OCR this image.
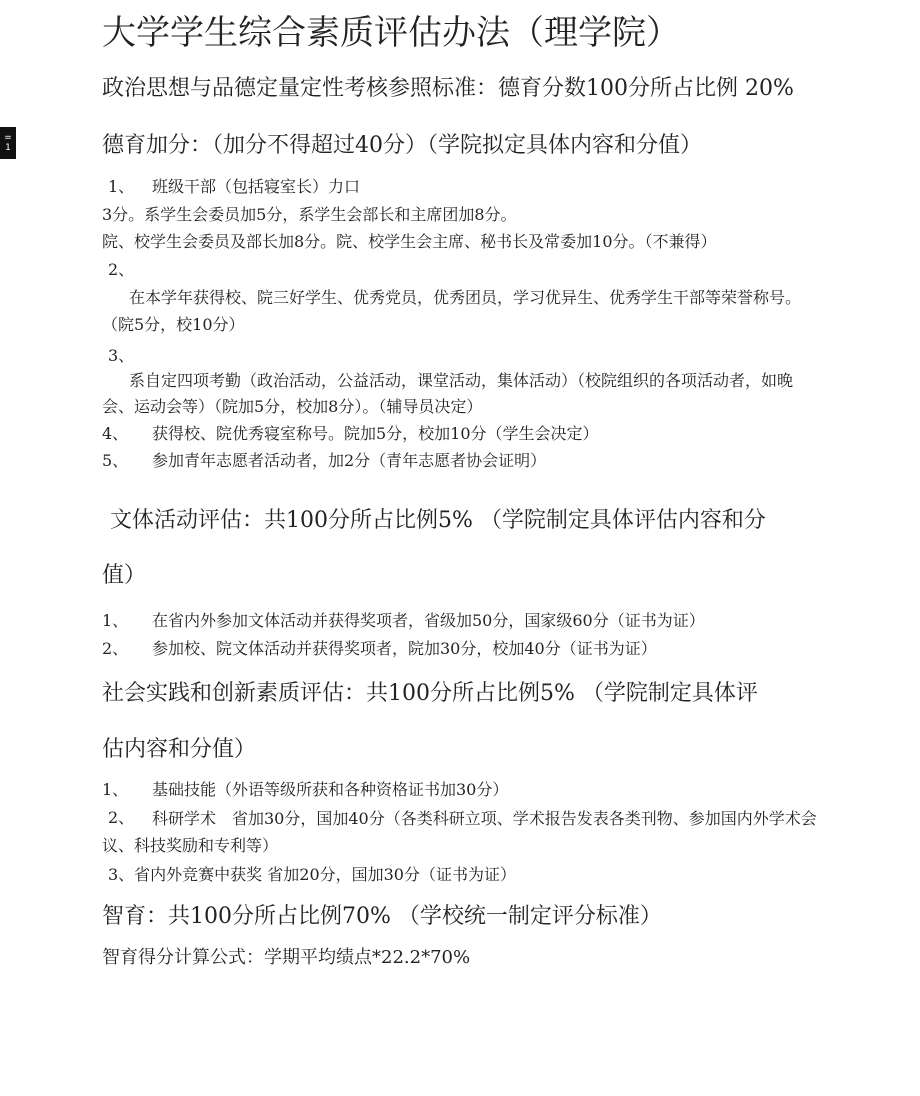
=
1
大学学生综合素质评估办法（理学院）
政治思想与品德定量定性考核参照标准：德育分数100分所占比例 20%
德育加分：（加分不得超过40分）（学院拟定具体内容和分值）
1、 班级干部（包括寝室长）力口
3分。系学生会委员加5分，系学生会部长和主席团加8分。
院、校学生会委员及部长加8分。院、校学生会主席、秘书长及常委加10分。（不兼得）
2、
在本学年获得校、院三好学生、优秀党员，优秀团员，学习优异生、优秀学生干部等荣誉称号。（院5分，校10分）
3、
系自定四项考勤（政治活动，公益活动，课堂活动，集体活动）（校院组织的各项活动者，如晚会、运动会等）（院加5分，校加8分）。（辅导员决定）
4、 获得校、院优秀寝室称号。院加5分，校加10分（学生会决定）
5、 参加青年志愿者活动者，加2分（青年志愿者协会证明）
文体活动评估：共100分所占比例5% （学院制定具体评估内容和分
值）
1、 在省内外参加文体活动并获得奖项者，省级加50分，国家级60分（证书为证）
2、 参加校、院文体活动并获得奖项者，院加30分，校加40分（证书为证）
社会实践和创新素质评估：共100分所占比例5% （学院制定具体评
估内容和分值）
1、 基础技能（外语等级所获和各种资格证书加30分）
2、	科研学术　省加30分，国加40分（各类科研立项、学术报告发表各类刊物、参加国内外学术会议、科技奖励和专利等）
3、省内外竞赛中获奖 省加20分，国加30分（证书为证）
智育：共100分所占比例70% （学校统一制定评分标准）
智育得分计算公式：学期平均绩点*22.2*70%
